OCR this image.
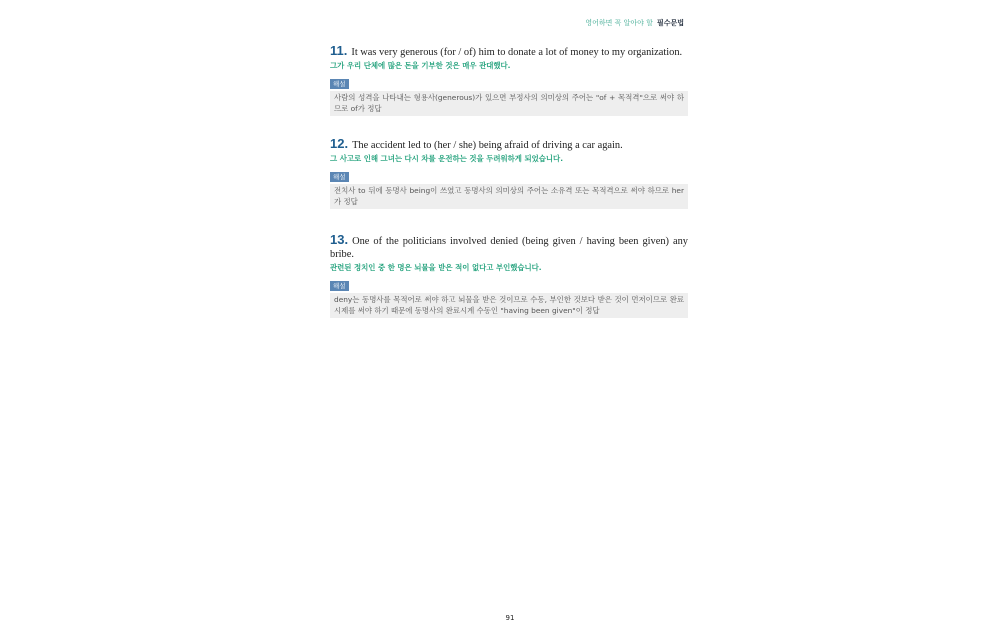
영어하면 꼭 알아야 할 필수문법
11. It was very generous (for / of) him to donate a lot of money to my organization.
그가 우리 단체에 많은 돈을 기부한 것은 매우 관대했다.
해설
사람의 성격을 나타내는 형용사(generous)가 있으면 부정사의 의미상의 주어는 "of + 목적격"으로 써야 하므로 of가 정답
12. The accident led to (her / she) being afraid of driving a car again.
그 사고로 인해 그녀는 다시 차를 운전하는 것을 두려워하게 되었습니다.
해설
전치사 to 뒤에 동명사 being이 쓰였고 동명사의 의미상의 주어는 소유격 또는 목적격으로 써야 하므로 her가 정답
13. One of the politicians involved denied (being given / having been given) any bribe.
관련된 정치인 중 한 명은 뇌물을 받은 적이 없다고 부인했습니다.
해설
deny는 동명사를 목적어로 써야 하고 뇌물을 받은 것이므로 수동, 부인한 것보다 받은 것이 먼저이므로 완료시제를 써야 하기 때문에 동명사의 완료시계 수동인 "having been given"이 정답
91
